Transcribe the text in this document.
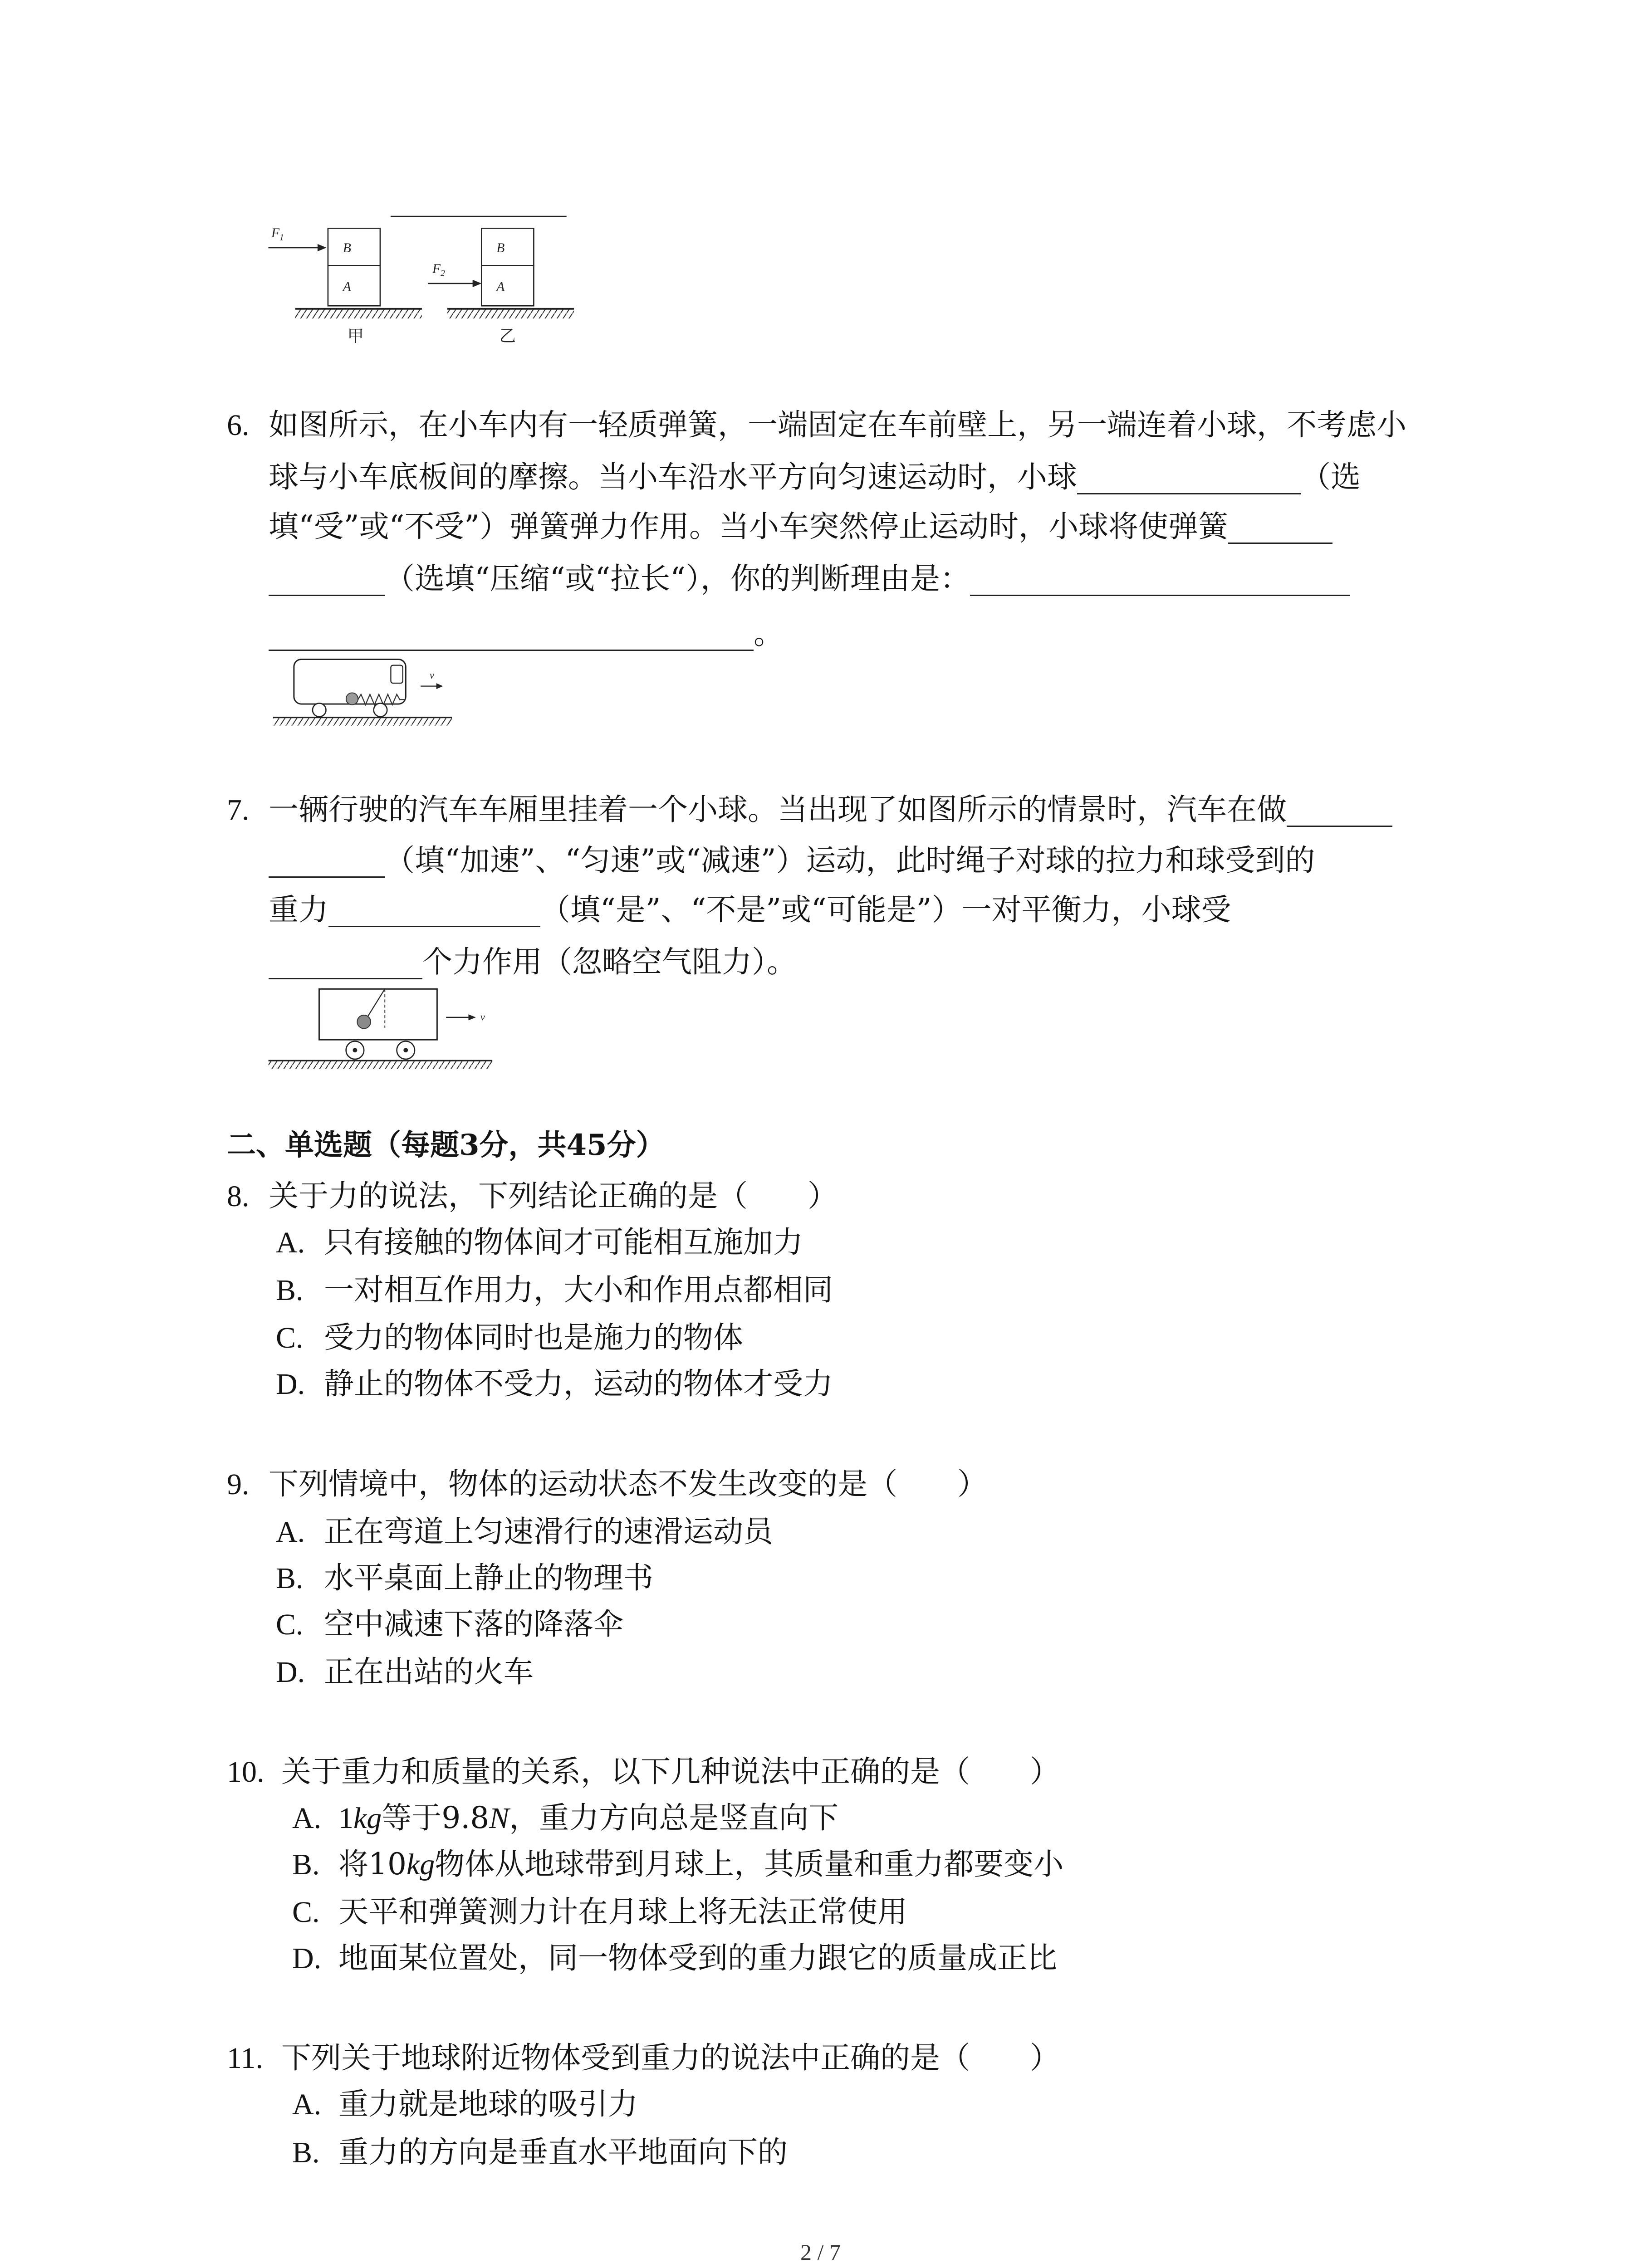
$F_1$
B
A
甲
$F_2$
B
A
乙
6. 如图所示，在小车内有一轻质弹簧，一端固定在车前壁上，另一端连着小球，不考虑小
球与小车底板间的摩擦。当小车沿水平方向匀速运动时，小球	（选
填“受”或“不受”）弹簧弹力作用。当小车突然停止运动时，小球将使弹簧
（选填“压缩“或“拉长“），你的判断理由是：
。
v
7. 一辆行驶的汽车车厢里挂着一个小球。当出现了如图所示的情景时，汽车在做
（填“加速”、“匀速”或“减速”）运动，此时绳子对球的拉力和球受到的
重力	（填“是”、“不是”或“可能是”）一对平衡力，小球受
个力作用（忽略空气阻力）。
v
二、单选题（每题3分，共45分）
8. 关于力的说法，下列结论正确的是（　　）
A. 只有接触的物体间才可能相互施加力
B. 一对相互作用力，大小和作用点都相同
C. 受力的物体同时也是施力的物体
D. 静止的物体不受力，运动的物体才受力
9. 下列情境中，物体的运动状态不发生改变的是（　　）
A. 正在弯道上匀速滑行的速滑运动员
B. 水平桌面上静止的物理书
C. 空中减速下落的降落伞
D. 正在出站的火车
10. 关于重力和质量的关系，以下几种说法中正确的是（　　）
A. 1kg等于9.8N，重力方向总是竖直向下
B. 将10kg物体从地球带到月球上，其质量和重力都要变小
C. 天平和弹簧测力计在月球上将无法正常使用
D. 地面某位置处，同一物体受到的重力跟它的质量成正比
11. 下列关于地球附近物体受到重力的说法中正确的是（　　）
A. 重力就是地球的吸引力
B. 重力的方向是垂直水平地面向下的
2 / 7
